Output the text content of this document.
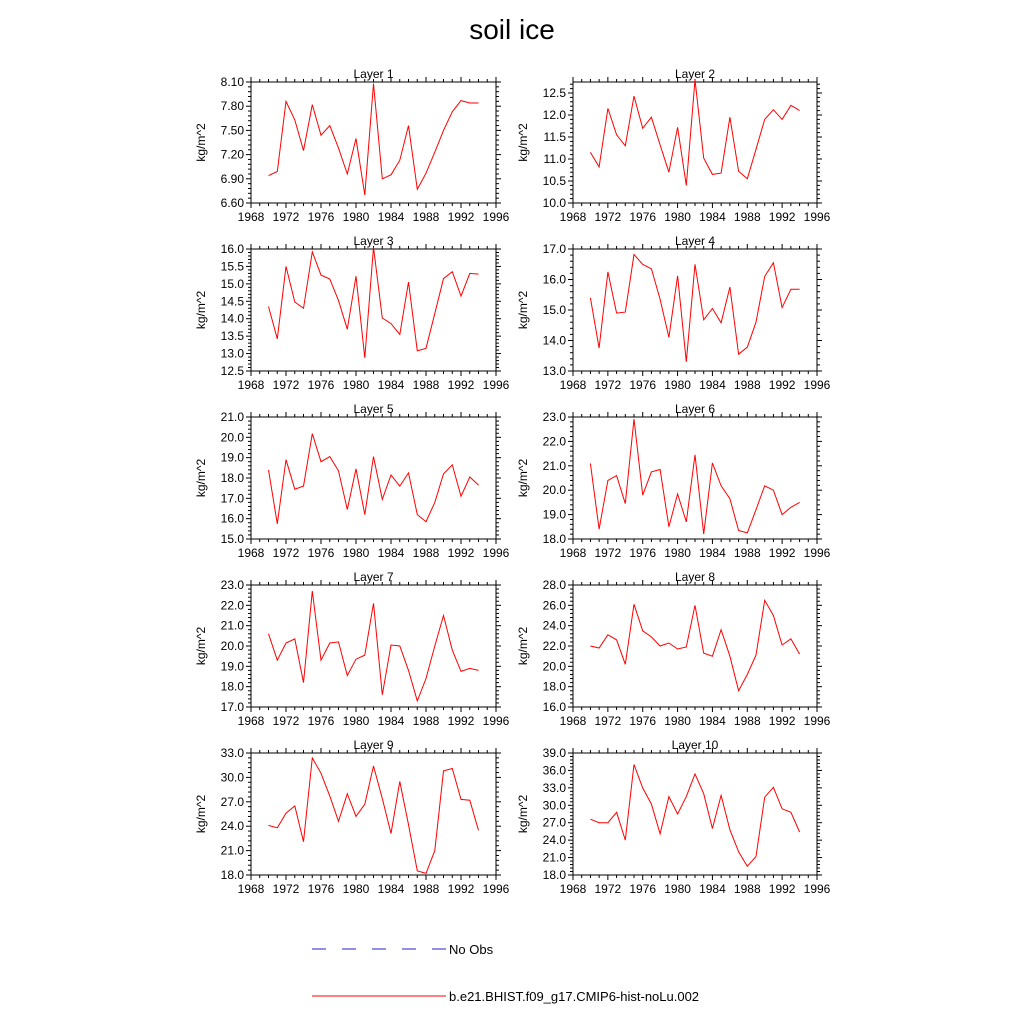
soil ice
Layer 1
kg/m^2
1968 1972 1976 1980 1984 1988 1992 1996
6.60
6.90
7.20
7.50
7.80
8.10
Layer 2
kg/m^2
1968 1972 1976 1980 1984 1988 1992 1996
10.0
10.5
11.0
11.5
12.0
12.5
Layer 3
kg/m^2
1968 1972 1976 1980 1984 1988 1992 1996
12.5
13.0
13.5
14.0
14.5
15.0
15.5
16.0
Layer 4
kg/m^2
1968 1972 1976 1980 1984 1988 1992 1996
13.0
14.0
15.0
16.0
17.0
Layer 5
kg/m^2
1968 1972 1976 1980 1984 1988 1992 1996
15.0
16.0
17.0
18.0
19.0
20.0
21.0
Layer 6
kg/m^2
1968 1972 1976 1980 1984 1988 1992 1996
18.0
19.0
20.0
21.0
22.0
23.0
Layer 7
kg/m^2
1968 1972 1976 1980 1984 1988 1992 1996
17.0
18.0
19.0
20.0
21.0
22.0
23.0
Layer 8
kg/m^2
1968 1972 1976 1980 1984 1988 1992 1996
16.0
18.0
20.0
22.0
24.0
26.0
28.0
Layer 9
kg/m^2
1968 1972 1976 1980 1984 1988 1992 1996
18.0
21.0
24.0
27.0
30.0
33.0
Layer 10
kg/m^2
1968 1972 1976 1980 1984 1988 1992 1996
18.0
21.0
24.0
27.0
30.0
33.0
36.0
39.0
No Obs
b.e21.BHIST.f09_g17.CMIP6-hist-noLu.002
